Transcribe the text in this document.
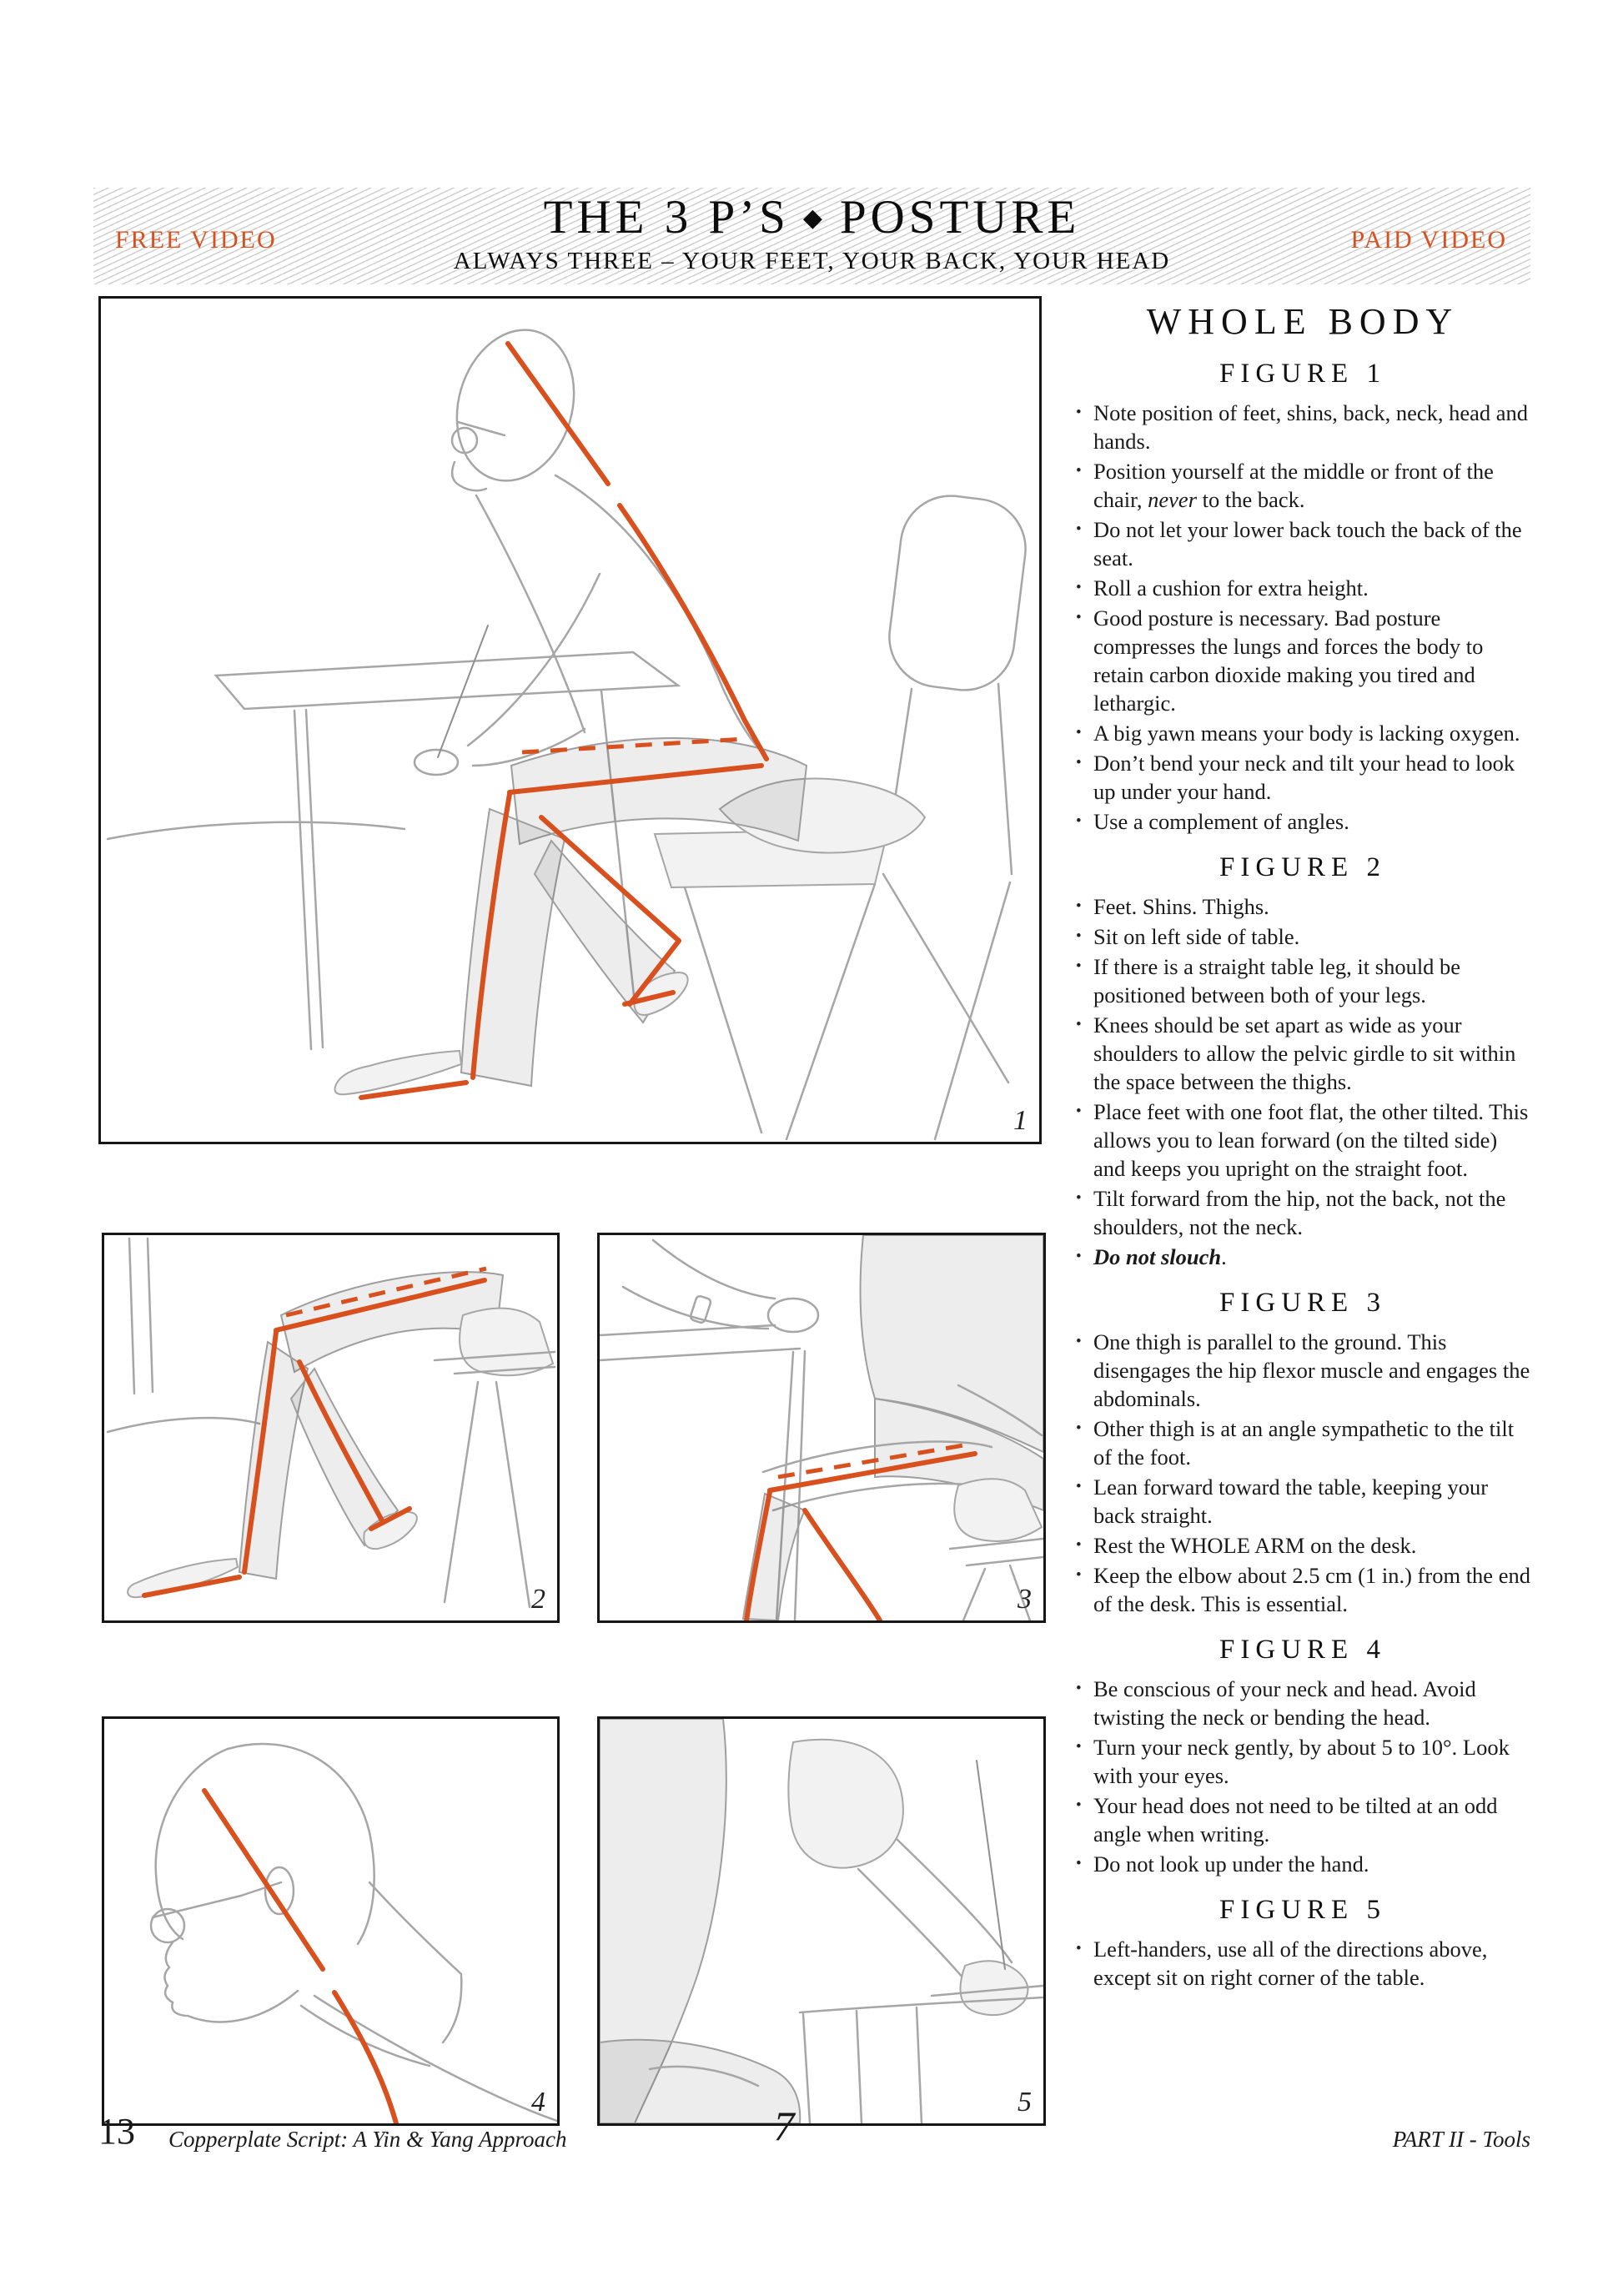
FREE VIDEO	THE 3 P’S ◆ POSTURE
ALWAYS THREE – YOUR FEET, YOUR BACK, YOUR HEAD
PAID VIDEO
1
2	3
4	5
WHOLE BODY
FIGURE 1
• Note position of feet, shins, back, neck, head and hands.
• Position yourself at the middle or front of the chair, never to the back.
• Do not let your lower back touch the back of the seat.
• Roll a cushion for extra height.
• Good posture is necessary. Bad posture compresses the lungs and forces the body to retain carbon dioxide making you tired and lethargic.
• A big yawn means your body is lacking oxygen.
• Don’t bend your neck and tilt your head to look up under your hand.
• Use a complement of angles.
FIGURE 2
• Feet. Shins. Thighs.
• Sit on left side of table.
• If there is a straight table leg, it should be positioned between both of your legs.
• Knees should be set apart as wide as your shoulders to allow the pelvic girdle to sit within the space between the thighs.
• Place feet with one foot flat, the other tilted. This allows you to lean forward (on the tilted side) and keeps you upright on the straight foot.
• Tilt forward from the hip, not the back, not the shoulders, not the neck.
• Do not slouch.
FIGURE 3
• One thigh is parallel to the ground. This disengages the hip flexor muscle and engages the abdominals.
• Other thigh is at an angle sympathetic to the tilt of the foot.
• Lean forward toward the table, keeping your back straight.
• Rest the WHOLE ARM on the desk.
• Keep the elbow about 2.5 cm (1 in.) from the end of the desk. This is essential.
FIGURE 4
• Be conscious of your neck and head. Avoid twisting the neck or bending the head.
• Turn your neck gently, by about 5 to 10°. Look with your eyes.
• Your head does not need to be tilted at an odd angle when writing.
• Do not look up under the hand.
FIGURE 5
• Left-handers, use all of the directions above, except sit on right corner of the table.
13 Copperplate Script: A Yin & Yang Approach	7	PART II - Tools
